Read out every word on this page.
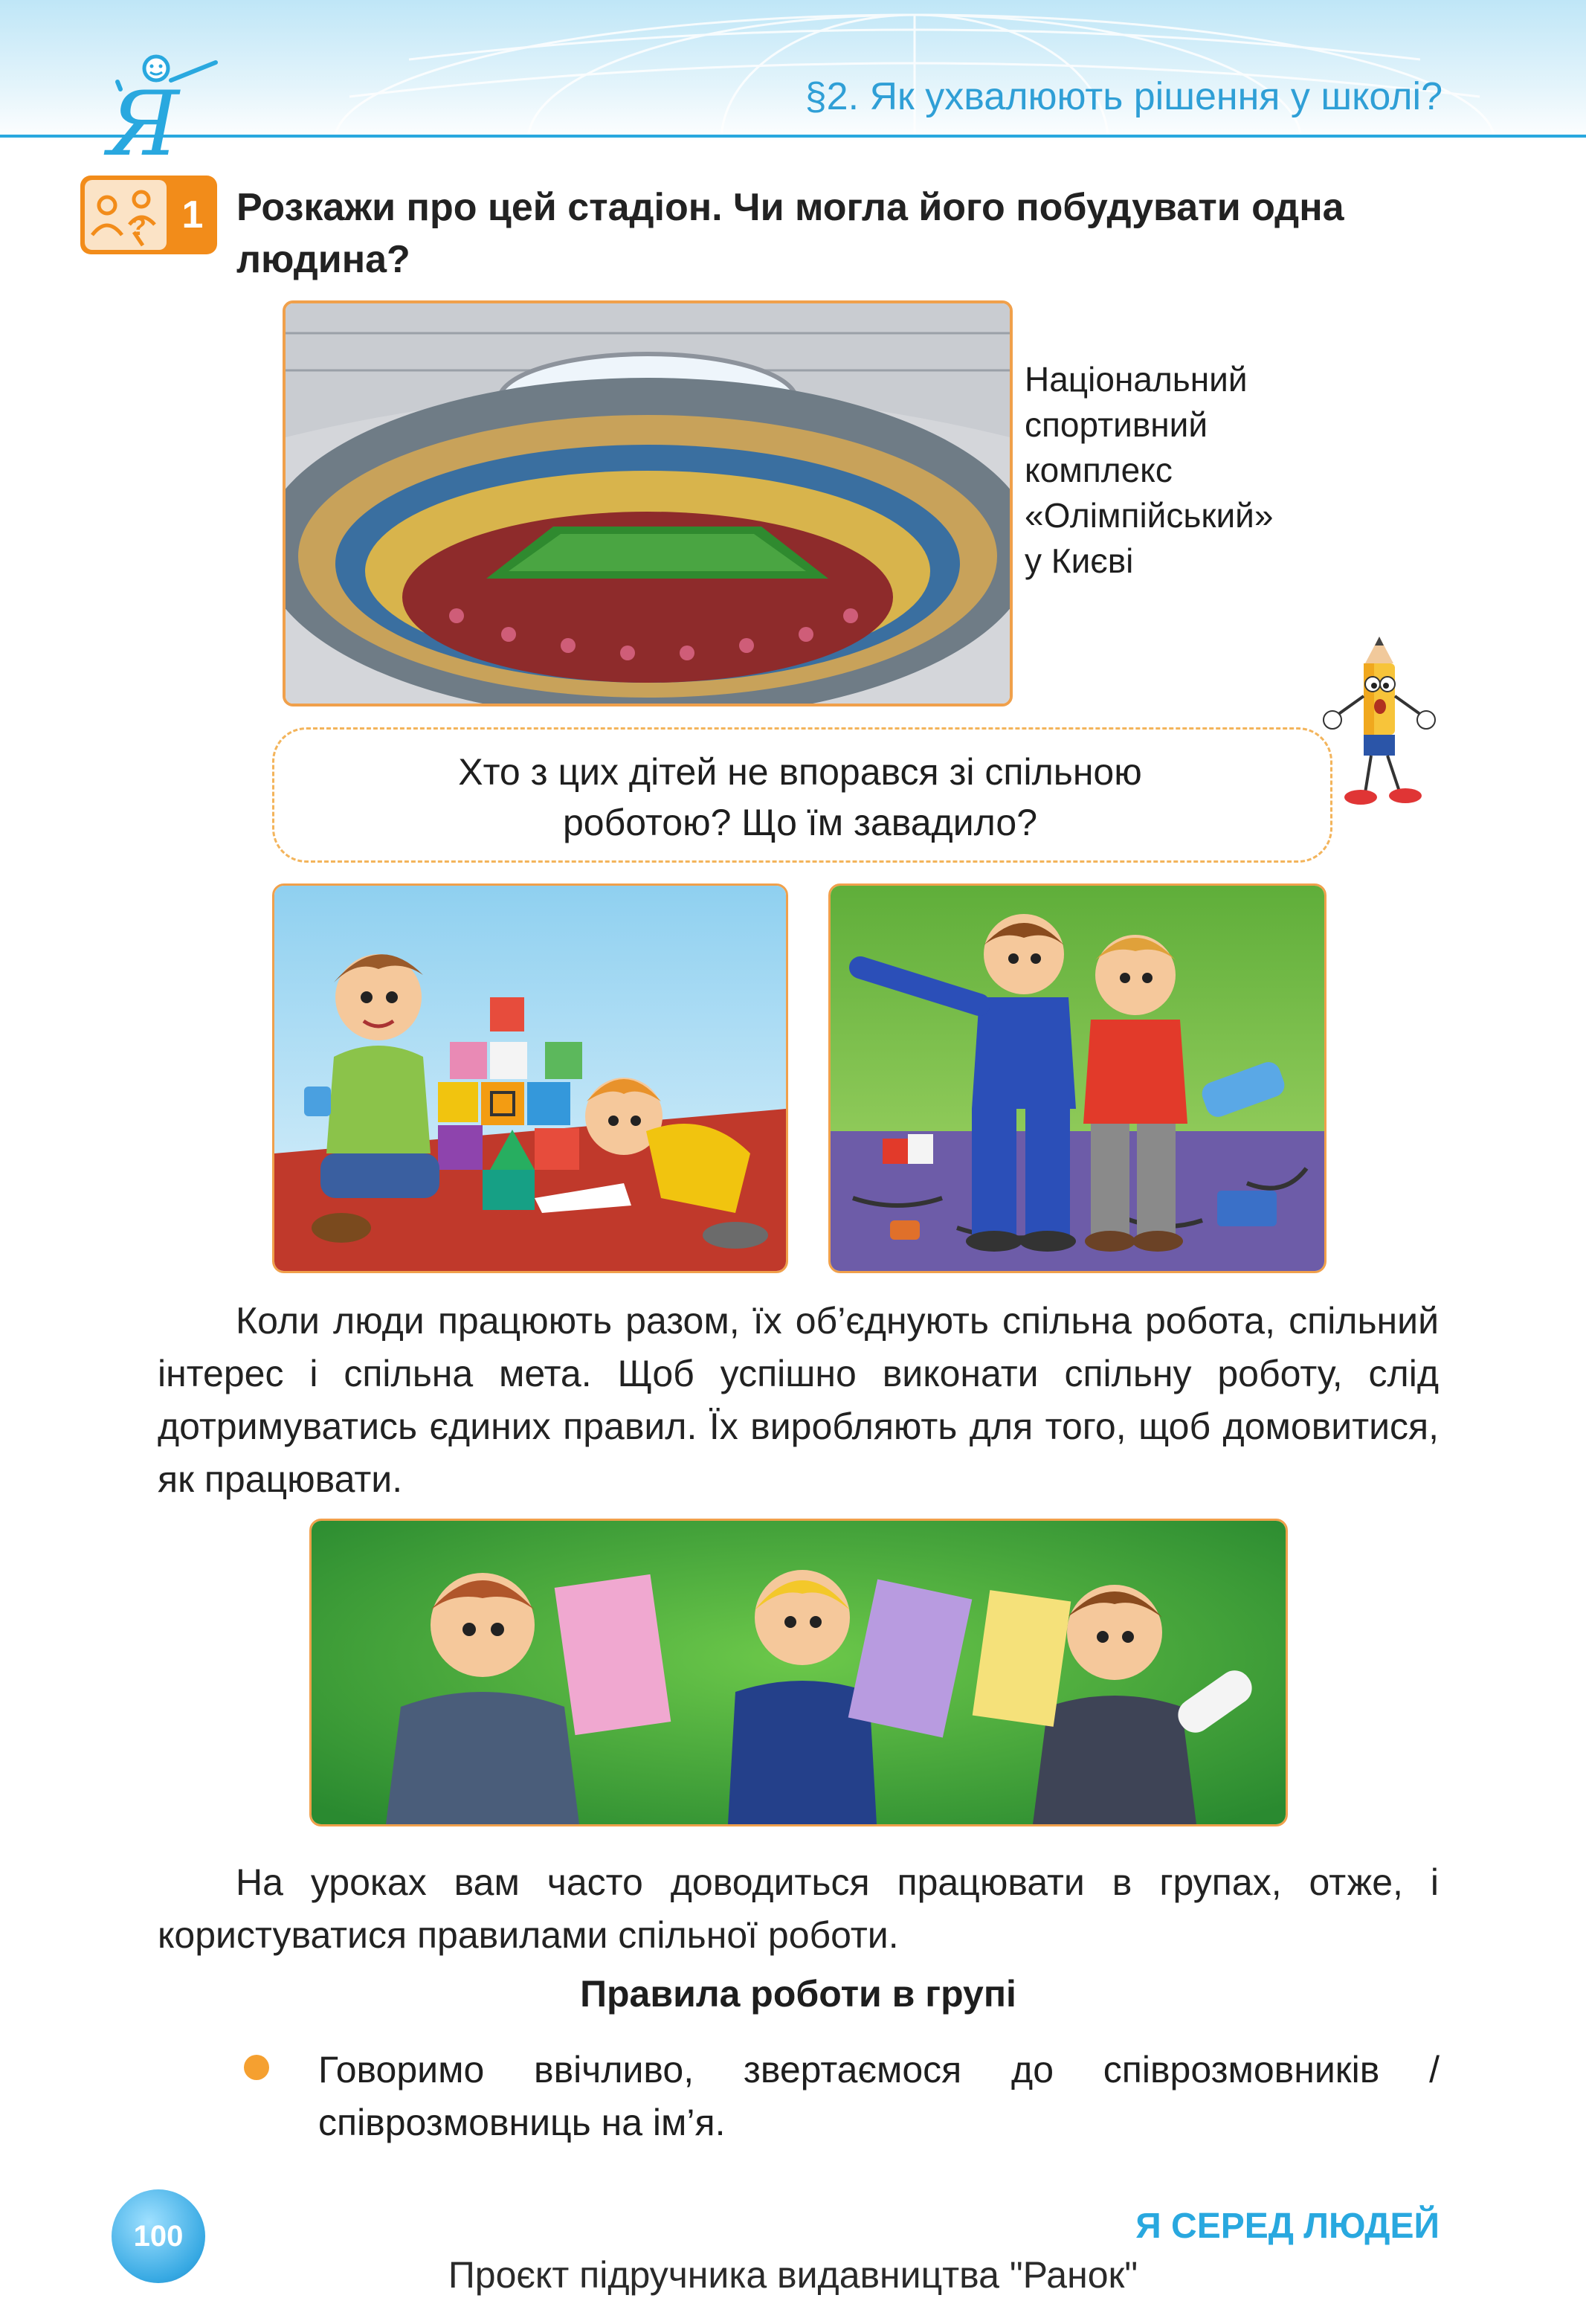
Я	§2. Як ухвалюють рішення у школі?
? 1 Розкажи про цей стадіон. Чи могла його побудувати одна людина?
Національний
спортивний
комплекс
«Олімпійський»
у Києві
Хто з цих дітей не впорався зі спільною
роботою? Що їм завадило?

Коли люди працюють разом, їх об’єднують спільна робота, спільний інтерес і спільна мета. Щоб успішно виконати спільну роботу, слід дотримуватись єдиних правил. Їх виробляють для того, щоб домовитися, як працювати.

На уроках вам часто доводиться працювати в групах, отже, і користуватися правилами спільної роботи.

Правила роботи в групі
Говоримо ввічливо, звертаємося до співрозмовників / співрозмовниць на ім’я.
100	Я СЕРЕД ЛЮДЕЙ
Проєкт підручника видавництва "Ранок"
